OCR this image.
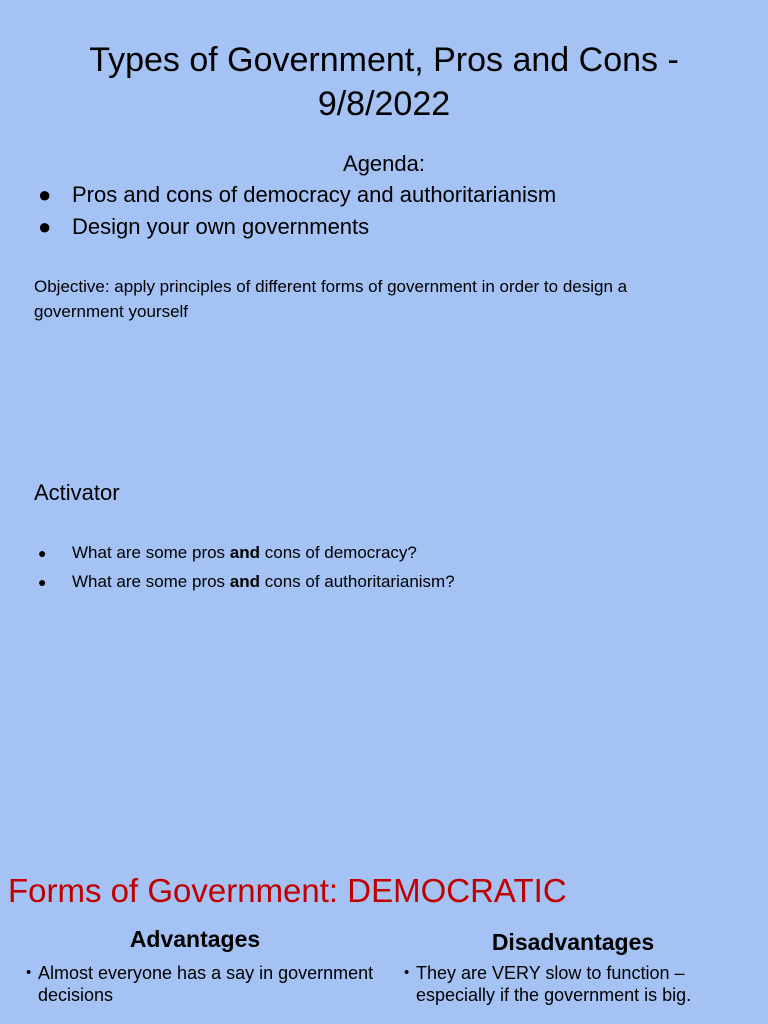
Types of Government, Pros and Cons - 9/8/2022
Agenda:
● Pros and cons of democracy and authoritarianism
● Design your own governments
Objective: apply principles of different forms of government in order to design a government yourself
Activator
● What are some pros and cons of democracy?
● What are some pros and cons of authoritarianism?
Forms of Government: DEMOCRATIC
Advantages	Disadvantages
• Almost everyone has a say in government decisions
• They are VERY slow to function – especially if the government is big.
